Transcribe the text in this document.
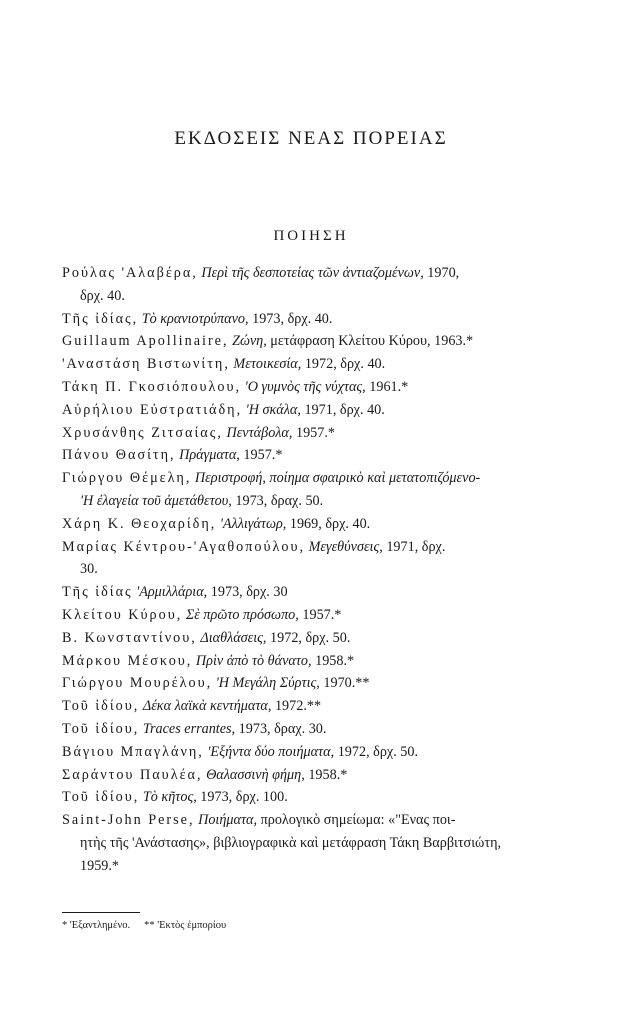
ΕΚΔΟΣΕΙΣ ΝΕΑΣ ΠΟΡΕΙΑΣ
ΠΟΙΗΣΗ
Ρούλας 'Αλαβέρα, Περὶ τῆς δεσποτείας τῶν ἀντιαζομένων, 1970,
δρχ. 40.
Τῆς ἰδίας, Τὸ κρανιοτρύπανο, 1973, δρχ. 40.
Guillaum Apollinaire, Ζώνη, μετάφραση Κλείτου Κύρου, 1963.*
'Αναστάση Βιστωνίτη, Μετοικεσία, 1972, δρχ. 40.
Τάκη Π. Γκοσιόπουλου, 'Ο γυμνὸς τῆς νύχτας, 1961.*
Αὐρήλιου Εὐστρατιάδη, 'Η σκάλα, 1971, δρχ. 40.
Χρυσάνθης Ζιτσαίας, Πεντάβολα, 1957.*
Πάνου Θασίτη, Πράγματα, 1957.*
Γιώργου Θέμελη, Περιστροφή, ποίημα σφαιρικὸ καὶ μετατοπιζόμενο-
'Η ἐλαγεία τοῦ ἀμετάθετου, 1973, δραχ. 50.
Χάρη Κ. Θεοχαρίδη, 'Αλλιγάτωρ, 1969, δρχ. 40.
Μαρίας Κέντρου-'Αγαθοπούλου, Μεγεθύνσεις, 1971, δρχ.
30.
Τῆς ἰδίας 'Αρμιλλάρια, 1973, δρχ. 30
Κλείτου Κύρου, Σὲ πρῶτο πρόσωπο, 1957.*
Β. Κωνσταντίνου, Διαθλάσεις, 1972, δρχ. 50.
Μάρκου Μέσκου, Πρὶν ἀπὸ τὸ θάνατο, 1958.*
Γιώργου Μουρέλου, 'Η Μεγάλη Σύρτις, 1970.**
Τοῦ ἰδίου, Δέκα λαϊκὰ κεντήματα, 1972.**
Τοῦ ἰδίου, Traces errantes, 1973, δραχ. 30.
Βάγιου Μπαγλάνη, 'Εξήντα δύο ποιήματα, 1972, δρχ. 50.
Σαράντου Παυλέα, Θαλασσινὴ φήμη, 1958.*
Τοῦ ἰδίου, Τὸ κῆτος, 1973, δρχ. 100.
Saint-John Perse, Ποιήματα, προλογικὸ σημείωμα: «"Ενας ποι-
ητὴς τῆς 'Ανάστασης», βιβλιογραφικὰ καὶ μετάφραση Τάκη Βαρβιτσιώτη,
1959.*
* 'Εξαντλημένο. ** 'Εκτὸς ἐμπορίου
